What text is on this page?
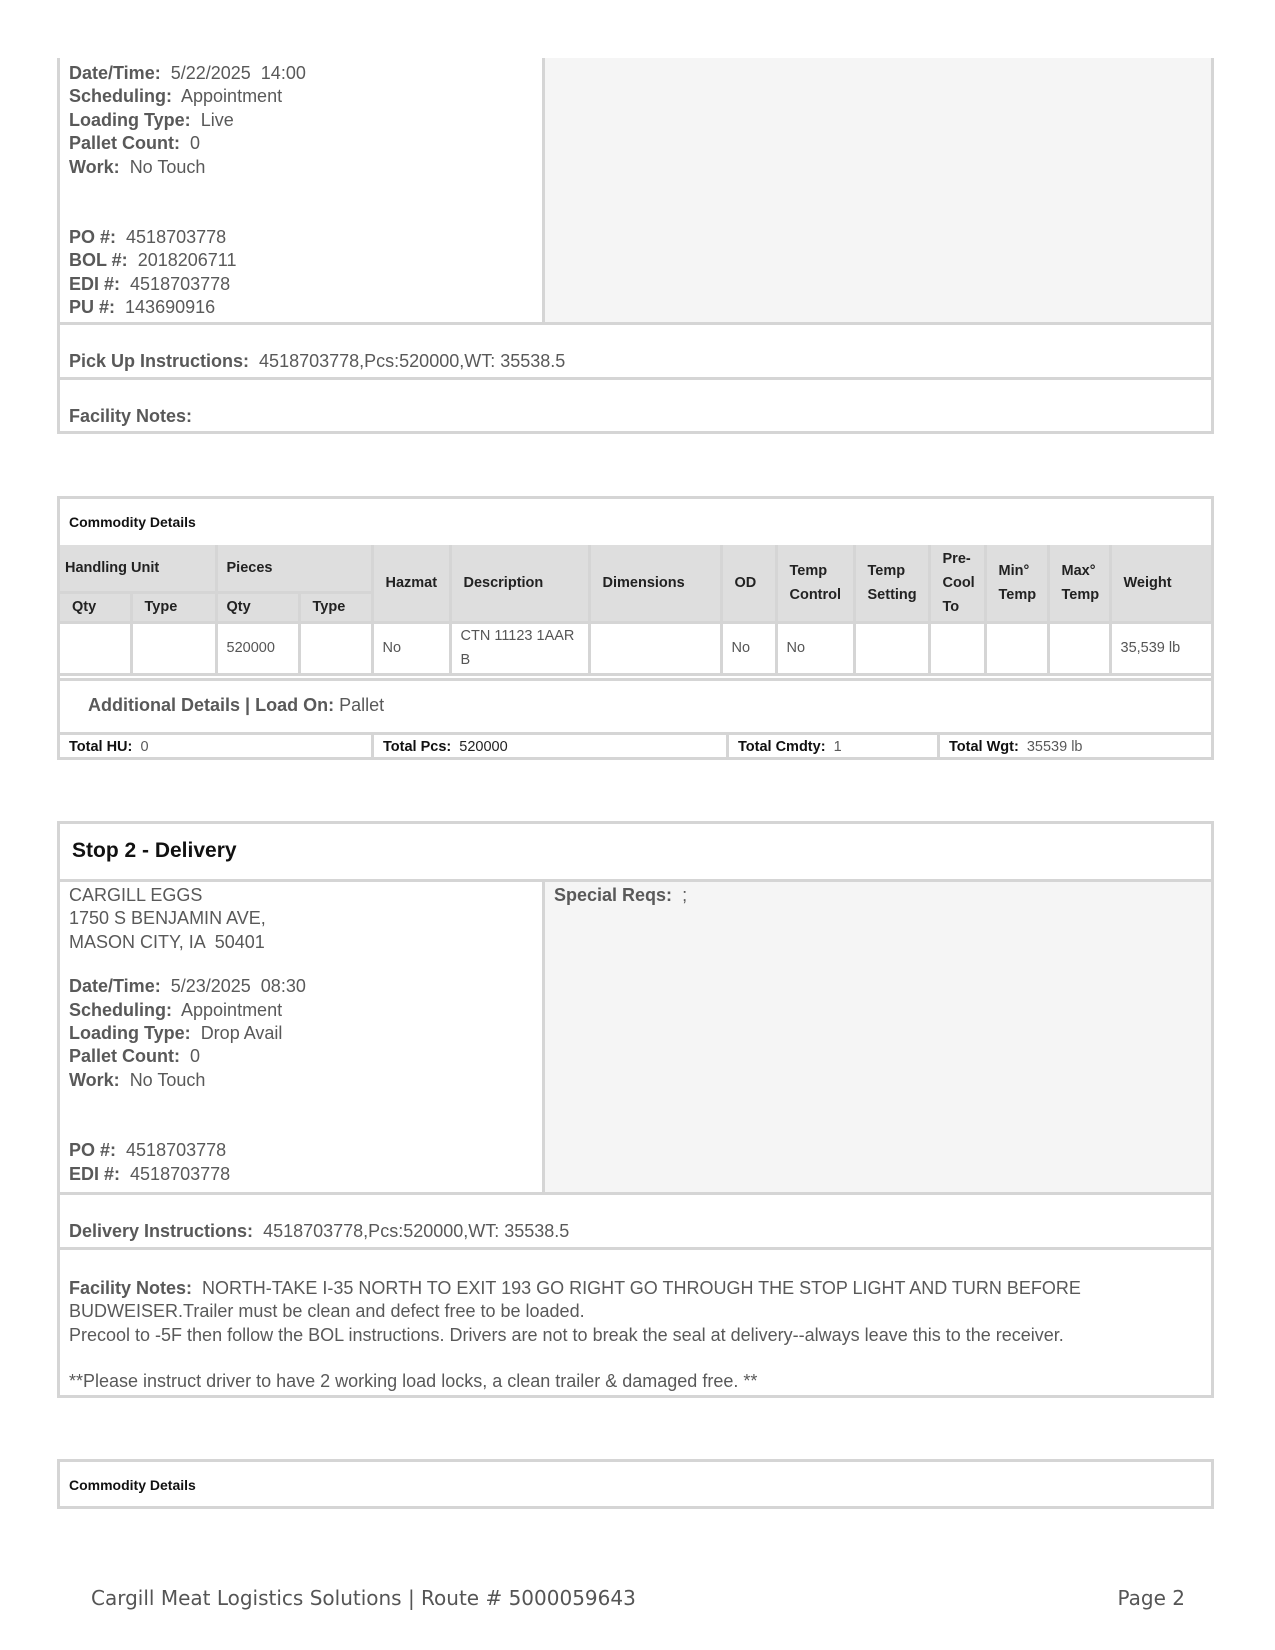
Date/Time: 5/22/2025  14:00
Scheduling: Appointment
Loading Type: Live
Pallet Count: 0
Work: No Touch
PO #: 4518703778
BOL #: 2018206711
EDI #: 4518703778
PU #: 143690916
Pick Up Instructions: 4518703778,Pcs:520000,WT: 35538.5
Facility Notes:
Commodity Details
Handling Unit		Pieces		Hazmat	Description	Dimensions	OD	Temp Control	Temp Setting	Pre- Cool To	Min° Temp	Max° Temp	Weight
Qty	Type	Qty	Type										
		520000		No	CTN 11123 1AAR B		No	No					35,539 lb
Additional Details | Load On: Pallet
Total HU: 0	Total Pcs: 520000	Total Cmdty: 1	Total Wgt: 35539 lb
Stop 2 - Delivery
CARGILL EGGS
1750 S BENJAMIN AVE,
MASON CITY, IA  50401
Date/Time: 5/23/2025  08:30
Scheduling: Appointment
Loading Type: Drop Avail
Pallet Count: 0
Work: No Touch
PO #: 4518703778
EDI #: 4518703778
Special Reqs: ;
Delivery Instructions: 4518703778,Pcs:520000,WT: 35538.5
Facility Notes: NORTH-TAKE I-35 NORTH TO EXIT 193 GO RIGHT GO THROUGH THE STOP LIGHT AND TURN BEFORE
BUDWEISER.Trailer must be clean and defect free to be loaded.
Precool to -5F then follow the BOL instructions. Drivers are not to break the seal at delivery--always leave this to the receiver.
**Please instruct driver to have 2 working load locks, a clean trailer & damaged free. **
Commodity Details
Cargill Meat Logistics Solutions | Route # 5000059643	Page 2
